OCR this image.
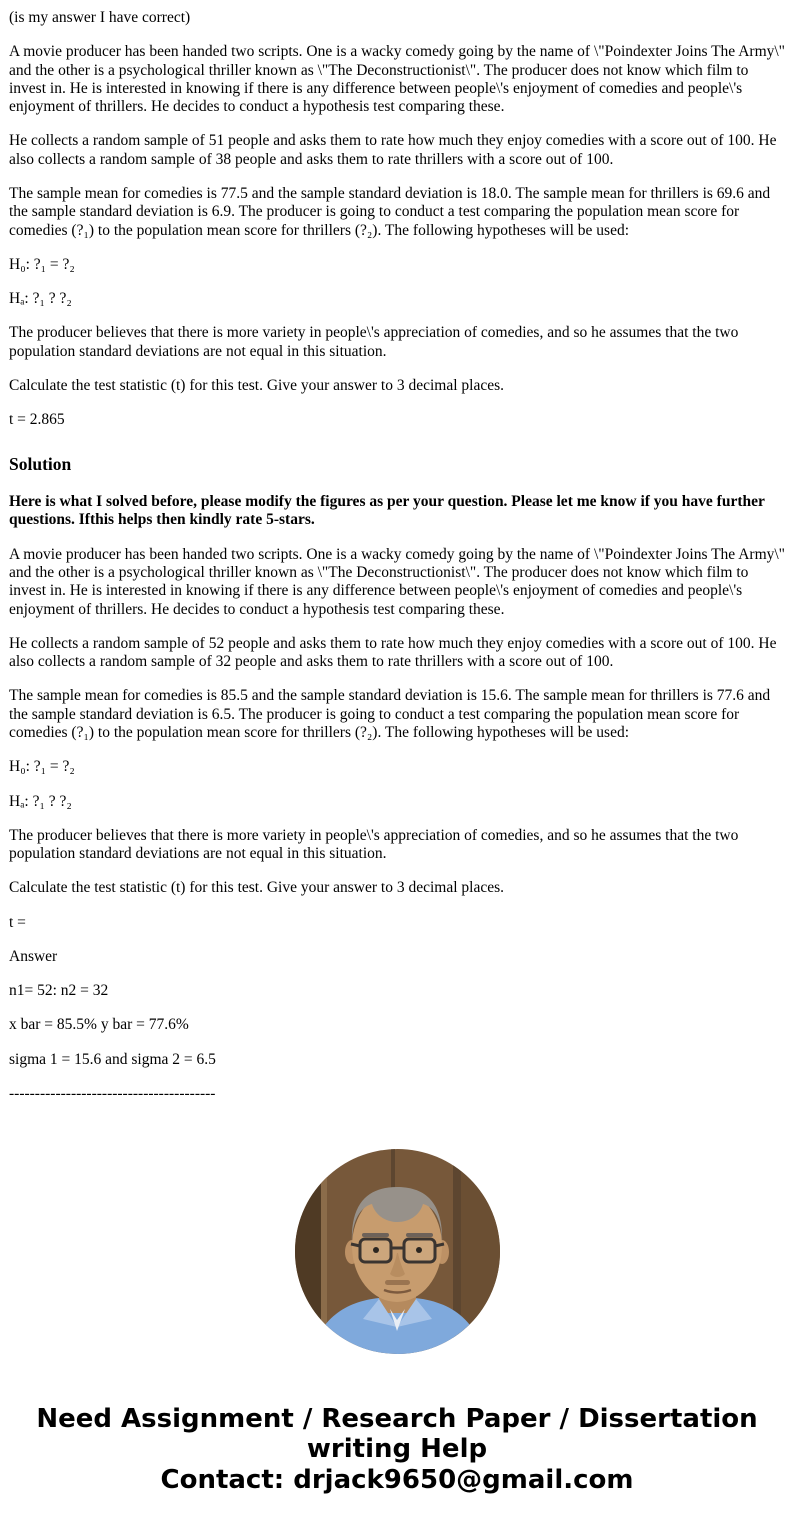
(is my answer I have correct)

A movie producer has been handed two scripts. One is a wacky comedy going by the name of \"Poindexter Joins The Army\" and the other is a psychological thriller known as \"The Deconstructionist\". The producer does not know which film to invest in. He is interested in knowing if there is any difference between people\'s enjoyment of comedies and people\'s enjoyment of thrillers. He decides to conduct a hypothesis test comparing these.

He collects a random sample of 51 people and asks them to rate how much they enjoy comedies with a score out of 100. He also collects a random sample of 38 people and asks them to rate thrillers with a score out of 100.

The sample mean for comedies is 77.5 and the sample standard deviation is 18.0. The sample mean for thrillers is 69.6 and the sample standard deviation is 6.9. The producer is going to conduct a test comparing the population mean score for comedies (?₁) to the population mean score for thrillers (?₂). The following hypotheses will be used:

H₀: ?₁ = ?₂

Hₐ: ?₁ ? ?₂

The producer believes that there is more variety in people\'s appreciation of comedies, and so he assumes that the two population standard deviations are not equal in this situation.

Calculate the test statistic (t) for this test. Give your answer to 3 decimal places.

t = 2.865

Solution

Here is what I solved before, please modify the figures as per your question. Please let me know if you have further questions. Ifthis helps then kindly rate 5-stars.

A movie producer has been handed two scripts. One is a wacky comedy going by the name of \"Poindexter Joins The Army\" and the other is a psychological thriller known as \"The Deconstructionist\". The producer does not know which film to invest in. He is interested in knowing if there is any difference between people\'s enjoyment of comedies and people\'s enjoyment of thrillers. He decides to conduct a hypothesis test comparing these.

He collects a random sample of 52 people and asks them to rate how much they enjoy comedies with a score out of 100. He also collects a random sample of 32 people and asks them to rate thrillers with a score out of 100.

The sample mean for comedies is 85.5 and the sample standard deviation is 15.6. The sample mean for thrillers is 77.6 and the sample standard deviation is 6.5. The producer is going to conduct a test comparing the population mean score for comedies (?₁) to the population mean score for thrillers (?₂). The following hypotheses will be used:

H₀: ?₁ = ?₂

Hₐ: ?₁ ? ?₂

The producer believes that there is more variety in people\'s appreciation of comedies, and so he assumes that the two population standard deviations are not equal in this situation.

Calculate the test statistic (t) for this test. Give your answer to 3 decimal places.

t =

Answer

n1= 52: n2 = 32

x bar = 85.5% y bar = 77.6%

sigma 1 = 15.6 and sigma 2 = 6.5

----------------------------------------

Need Assignment / Research Paper / Dissertation
writing Help
Contact: drjack9650@gmail.com
